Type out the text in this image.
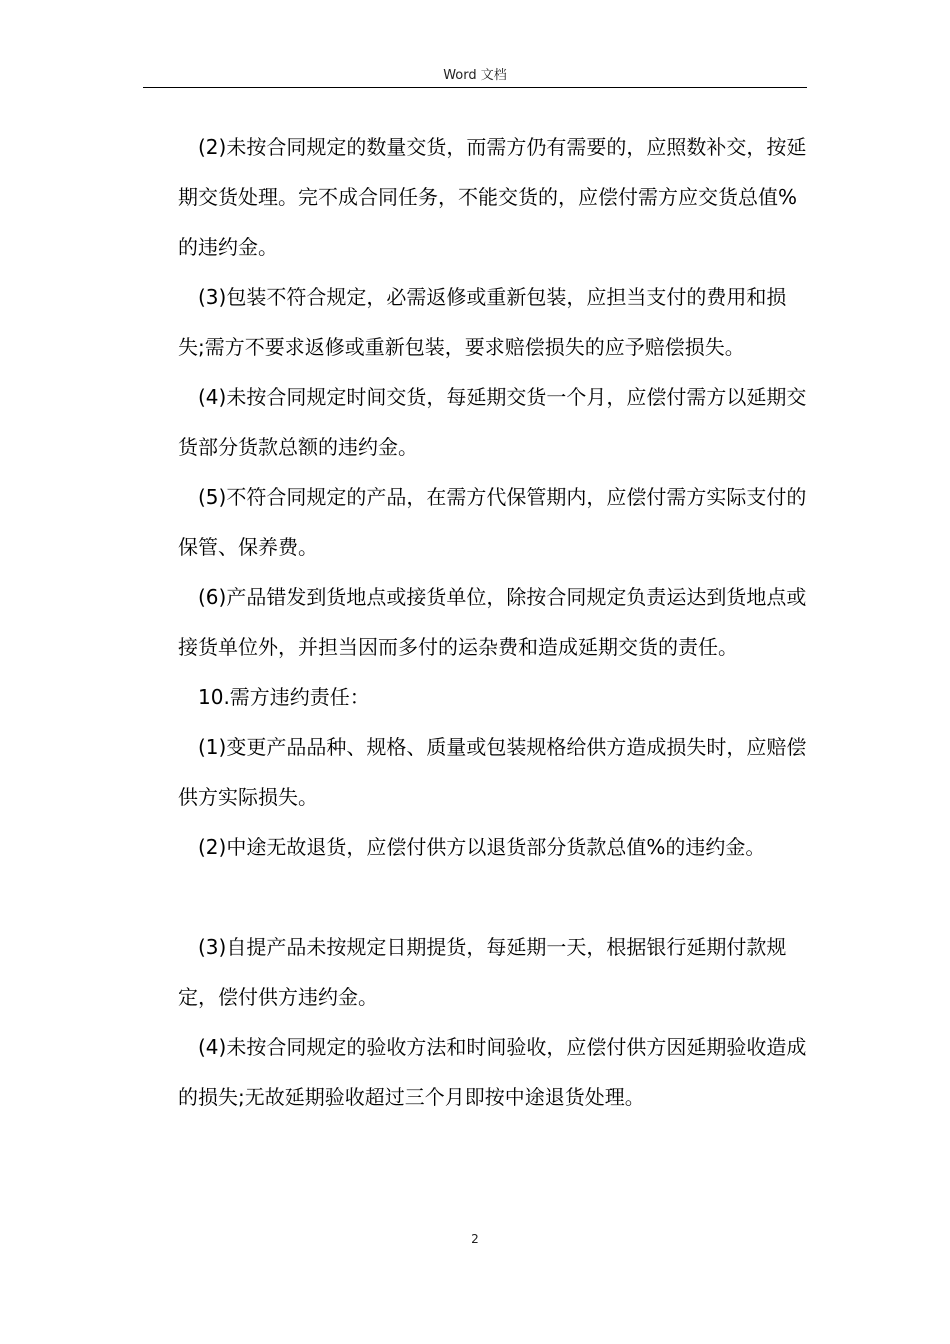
Word 文档

(2)未按合同规定的数量交货，而需方仍有需要的，应照数补交，按延期交货处理。完不成合同任务，不能交货的，应偿付需方应交货总值%的违约金。

(3)包装不符合规定，必需返修或重新包装，应担当支付的费用和损失;需方不要求返修或重新包装，要求赔偿损失的应予赔偿损失。

(4)未按合同规定时间交货，每延期交货一个月，应偿付需方以延期交货部分货款总额的违约金。

(5)不符合同规定的产品，在需方代保管期内，应偿付需方实际支付的保管、保养费。

(6)产品错发到货地点或接货单位，除按合同规定负责运达到货地点或接货单位外，并担当因而多付的运杂费和造成延期交货的责任。

10.需方违约责任：

(1)变更产品品种、规格、质量或包装规格给供方造成损失时，应赔偿供方实际损失。

(2)中途无故退货，应偿付供方以退货部分货款总值%的违约金。

(3)自提产品未按规定日期提货，每延期一天，根据银行延期付款规定，偿付供方违约金。

(4)未按合同规定的验收方法和时间验收，应偿付供方因延期验收造成的损失;无故延期验收超过三个月即按中途退货处理。

2
